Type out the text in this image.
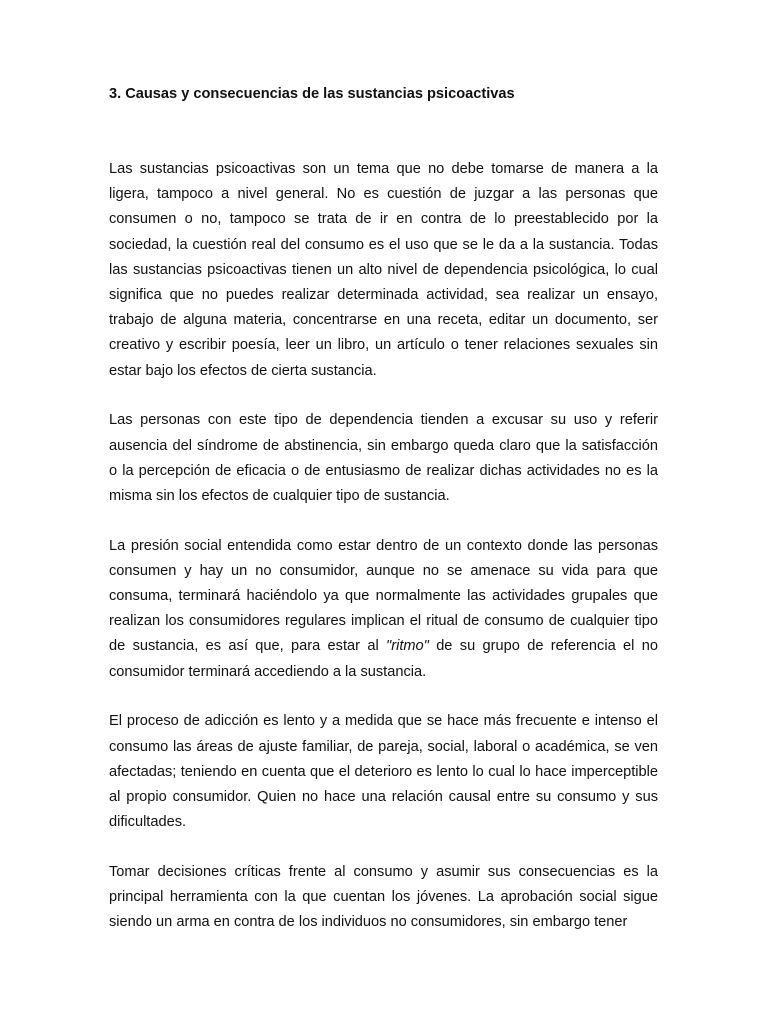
3. Causas y consecuencias de las sustancias psicoactivas

Las sustancias psicoactivas son un tema que no debe tomarse de manera a la ligera, tampoco a nivel general. No es cuestión de juzgar a las personas que consumen o no, tampoco se trata de ir en contra de lo preestablecido por la sociedad, la cuestión real del consumo es el uso que se le da a la sustancia. Todas las sustancias psicoactivas tienen un alto nivel de dependencia psicológica, lo cual significa que no puedes realizar determinada actividad, sea realizar un ensayo, trabajo de alguna materia, concentrarse en una receta, editar un documento, ser creativo y escribir poesía, leer un libro, un artículo o tener relaciones sexuales sin estar bajo los efectos de cierta sustancia.

Las personas con este tipo de dependencia tienden a excusar su uso y referir ausencia del síndrome de abstinencia, sin embargo queda claro que la satisfacción o la percepción de eficacia o de entusiasmo de realizar dichas actividades no es la misma sin los efectos de cualquier tipo de sustancia.

La presión social entendida como estar dentro de un contexto donde las personas consumen y hay un no consumidor, aunque no se amenace su vida para que consuma, terminará haciéndolo ya que normalmente las actividades grupales que realizan los consumidores regulares implican el ritual de consumo de cualquier tipo de sustancia, es así que, para estar al "ritmo" de su grupo de referencia el no consumidor terminará accediendo a la sustancia.

El proceso de adicción es lento y a medida que se hace más frecuente e intenso el consumo las áreas de ajuste familiar, de pareja, social, laboral o académica, se ven afectadas; teniendo en cuenta que el deterioro es lento lo cual lo hace imperceptible al propio consumidor. Quien no hace una relación causal entre su consumo y sus dificultades.

Tomar decisiones críticas frente al consumo y asumir sus consecuencias es la principal herramienta con la que cuentan los jóvenes. La aprobación social sigue siendo un arma en contra de los individuos no consumidores, sin embargo tener
